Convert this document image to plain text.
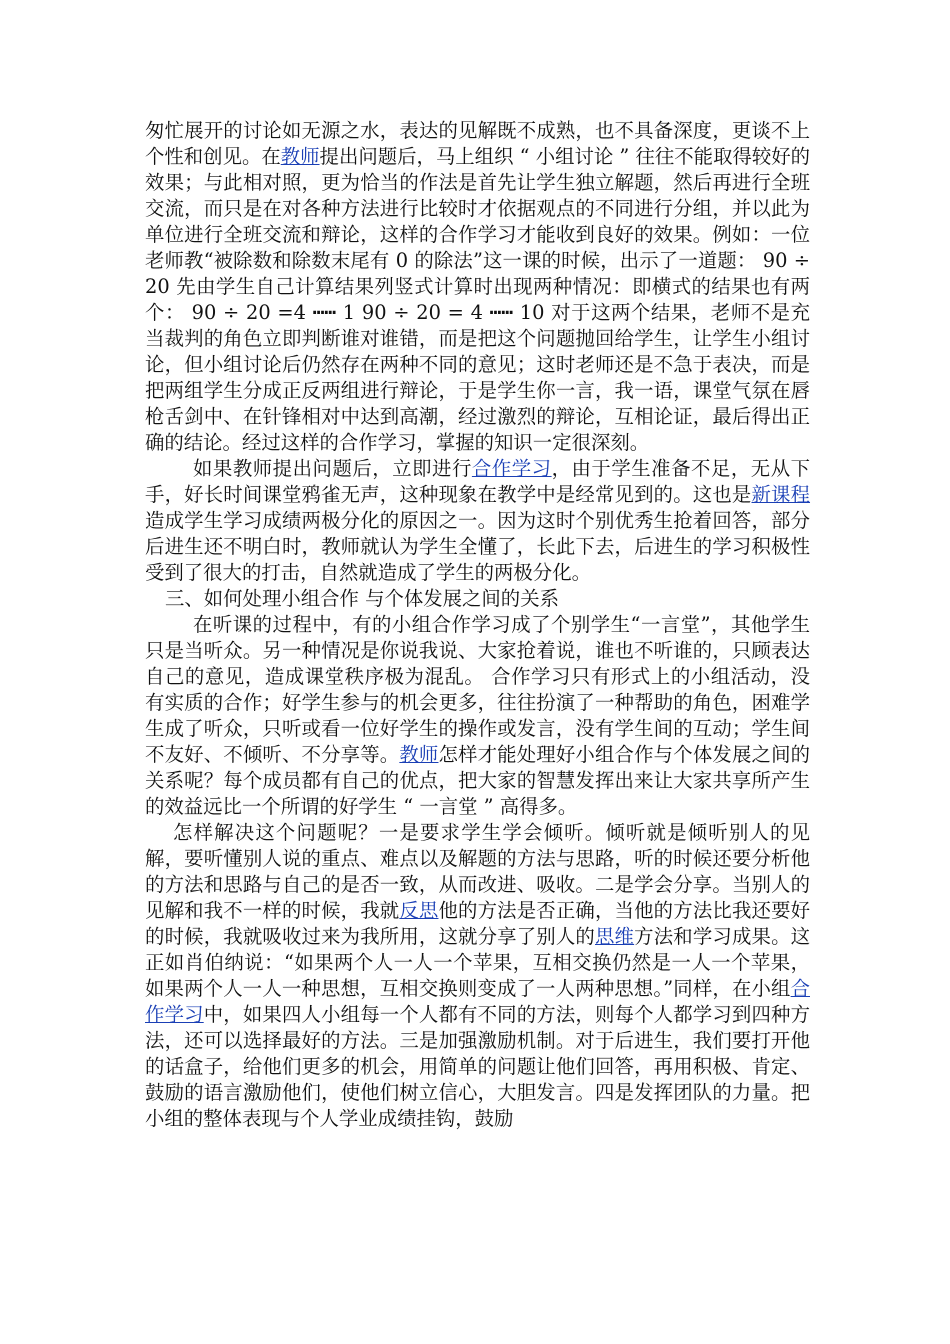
匆忙展开的讨论如无源之水，表达的见解既不成熟，也不具备深度，更谈不上个性和创见。在教师提出问题后，马上组织 “ 小组讨论 ” 往往不能取得较好的效果；与此相对照，更为恰当的作法是首先让学生独立解题，然后再进行全班交流，而只是在对各种方法进行比较时才依据观点的不同进行分组，并以此为单位进行全班交流和辩论，这样的合作学习才能收到良好的效果。例如：一位老师教“被除数和除数末尾有 0 的除法”这一课的时候，出示了一道题： 90 ÷ 20 先由学生自己计算结果列竖式计算时出现两种情况：即横式的结果也有两个： 90 ÷ 20 =4 ┅┅ 1 90 ÷ 20 = 4 ┅┅ 10 对于这两个结果，老师不是充当裁判的角色立即判断谁对谁错，而是把这个问题抛回给学生，让学生小组讨论，但小组讨论后仍然存在两种不同的意见；这时老师还是不急于表决，而是把两组学生分成正反两组进行辩论，于是学生你一言，我一语，课堂气氛在唇枪舌剑中、在针锋相对中达到高潮，经过激烈的辩论，互相论证，最后得出正确的结论。经过这样的合作学习，掌握的知识一定很深刻。

如果教师提出问题后，立即进行合作学习，由于学生准备不足，无从下手，好长时间课堂鸦雀无声，这种现象在教学中是经常见到的。这也是新课程造成学生学习成绩两极分化的原因之一。因为这时个别优秀生抢着回答，部分后进生还不明白时，教师就认为学生全懂了，长此下去，后进生的学习积极性受到了很大的打击，自然就造成了学生的两极分化。

三、如何处理小组合作 与个体发展之间的关系

在听课的过程中，有的小组合作学习成了个别学生“一言堂”，其他学生只是当听众。另一种情况是你说我说、大家抢着说，谁也不听谁的，只顾表达自己的意见，造成课堂秩序极为混乱。 合作学习只有形式上的小组活动，没有实质的合作；好学生参与的机会更多，往往扮演了一种帮助的角色，困难学生成了听众，只听或看一位好学生的操作或发言，没有学生间的互动；学生间不友好、不倾听、不分享等。教师怎样才能处理好小组合作与个体发展之间的关系呢？每个成员都有自己的优点，把大家的智慧发挥出来让大家共享所产生的效益远比一个所谓的好学生 “ 一言堂 ” 高得多。

怎样解决这个问题呢？一是要求学生学会倾听。倾听就是倾听别人的见解，要听懂别人说的重点、难点以及解题的方法与思路，听的时候还要分析他的方法和思路与自己的是否一致，从而改进、吸收。二是学会分享。当别人的见解和我不一样的时候，我就反思他的方法是否正确，当他的方法比我还要好的时候，我就吸收过来为我所用，这就分享了别人的思维方法和学习成果。这正如肖伯纳说：“如果两个人一人一个苹果，互相交换仍然是一人一个苹果，如果两个人一人一种思想，互相交换则变成了一人两种思想。”同样，在小组合作学习中，如果四人小组每一个人都有不同的方法，则每个人都学习到四种方法，还可以选择最好的方法。三是加强激励机制。对于后进生，我们要打开他的话盒子，给他们更多的机会，用简单的问题让他们回答，再用积极、肯定、鼓励的语言激励他们，使他们树立信心，大胆发言。四是发挥团队的力量。把小组的整体表现与个人学业成绩挂钩，鼓励
